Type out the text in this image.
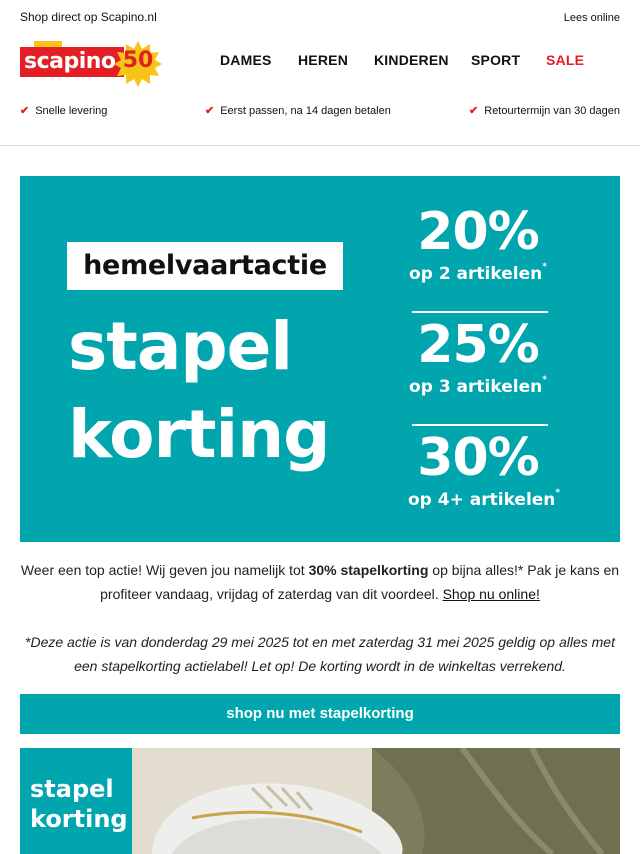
Shop direct op Scapino.nl	Lees online
scapino 50	DAMES HEREN KINDEREN SPORT SALE
✔ Snelle levering	✔ Eerst passen, na 14 dagen betalen	✔ Retourtermijn van 30 dagen
hemelvaartactie
stapel
korting
20%
op 2 artikelen*
25%
op 3 artikelen*
30%
op 4+ artikelen*

Weer een top actie! Wij geven jou namelijk tot 30% stapelkorting op bijna alles!* Pak je kans en profiteer vandaag, vrijdag of zaterdag van dit voordeel. Shop nu online!

*Deze actie is van donderdag 29 mei 2025 tot en met zaterdag 31 mei 2025 geldig op alles met een stapelkorting actielabel! Let op! De korting wordt in de winkeltas verrekend.

shop nu met stapelkorting
stapel
korting
